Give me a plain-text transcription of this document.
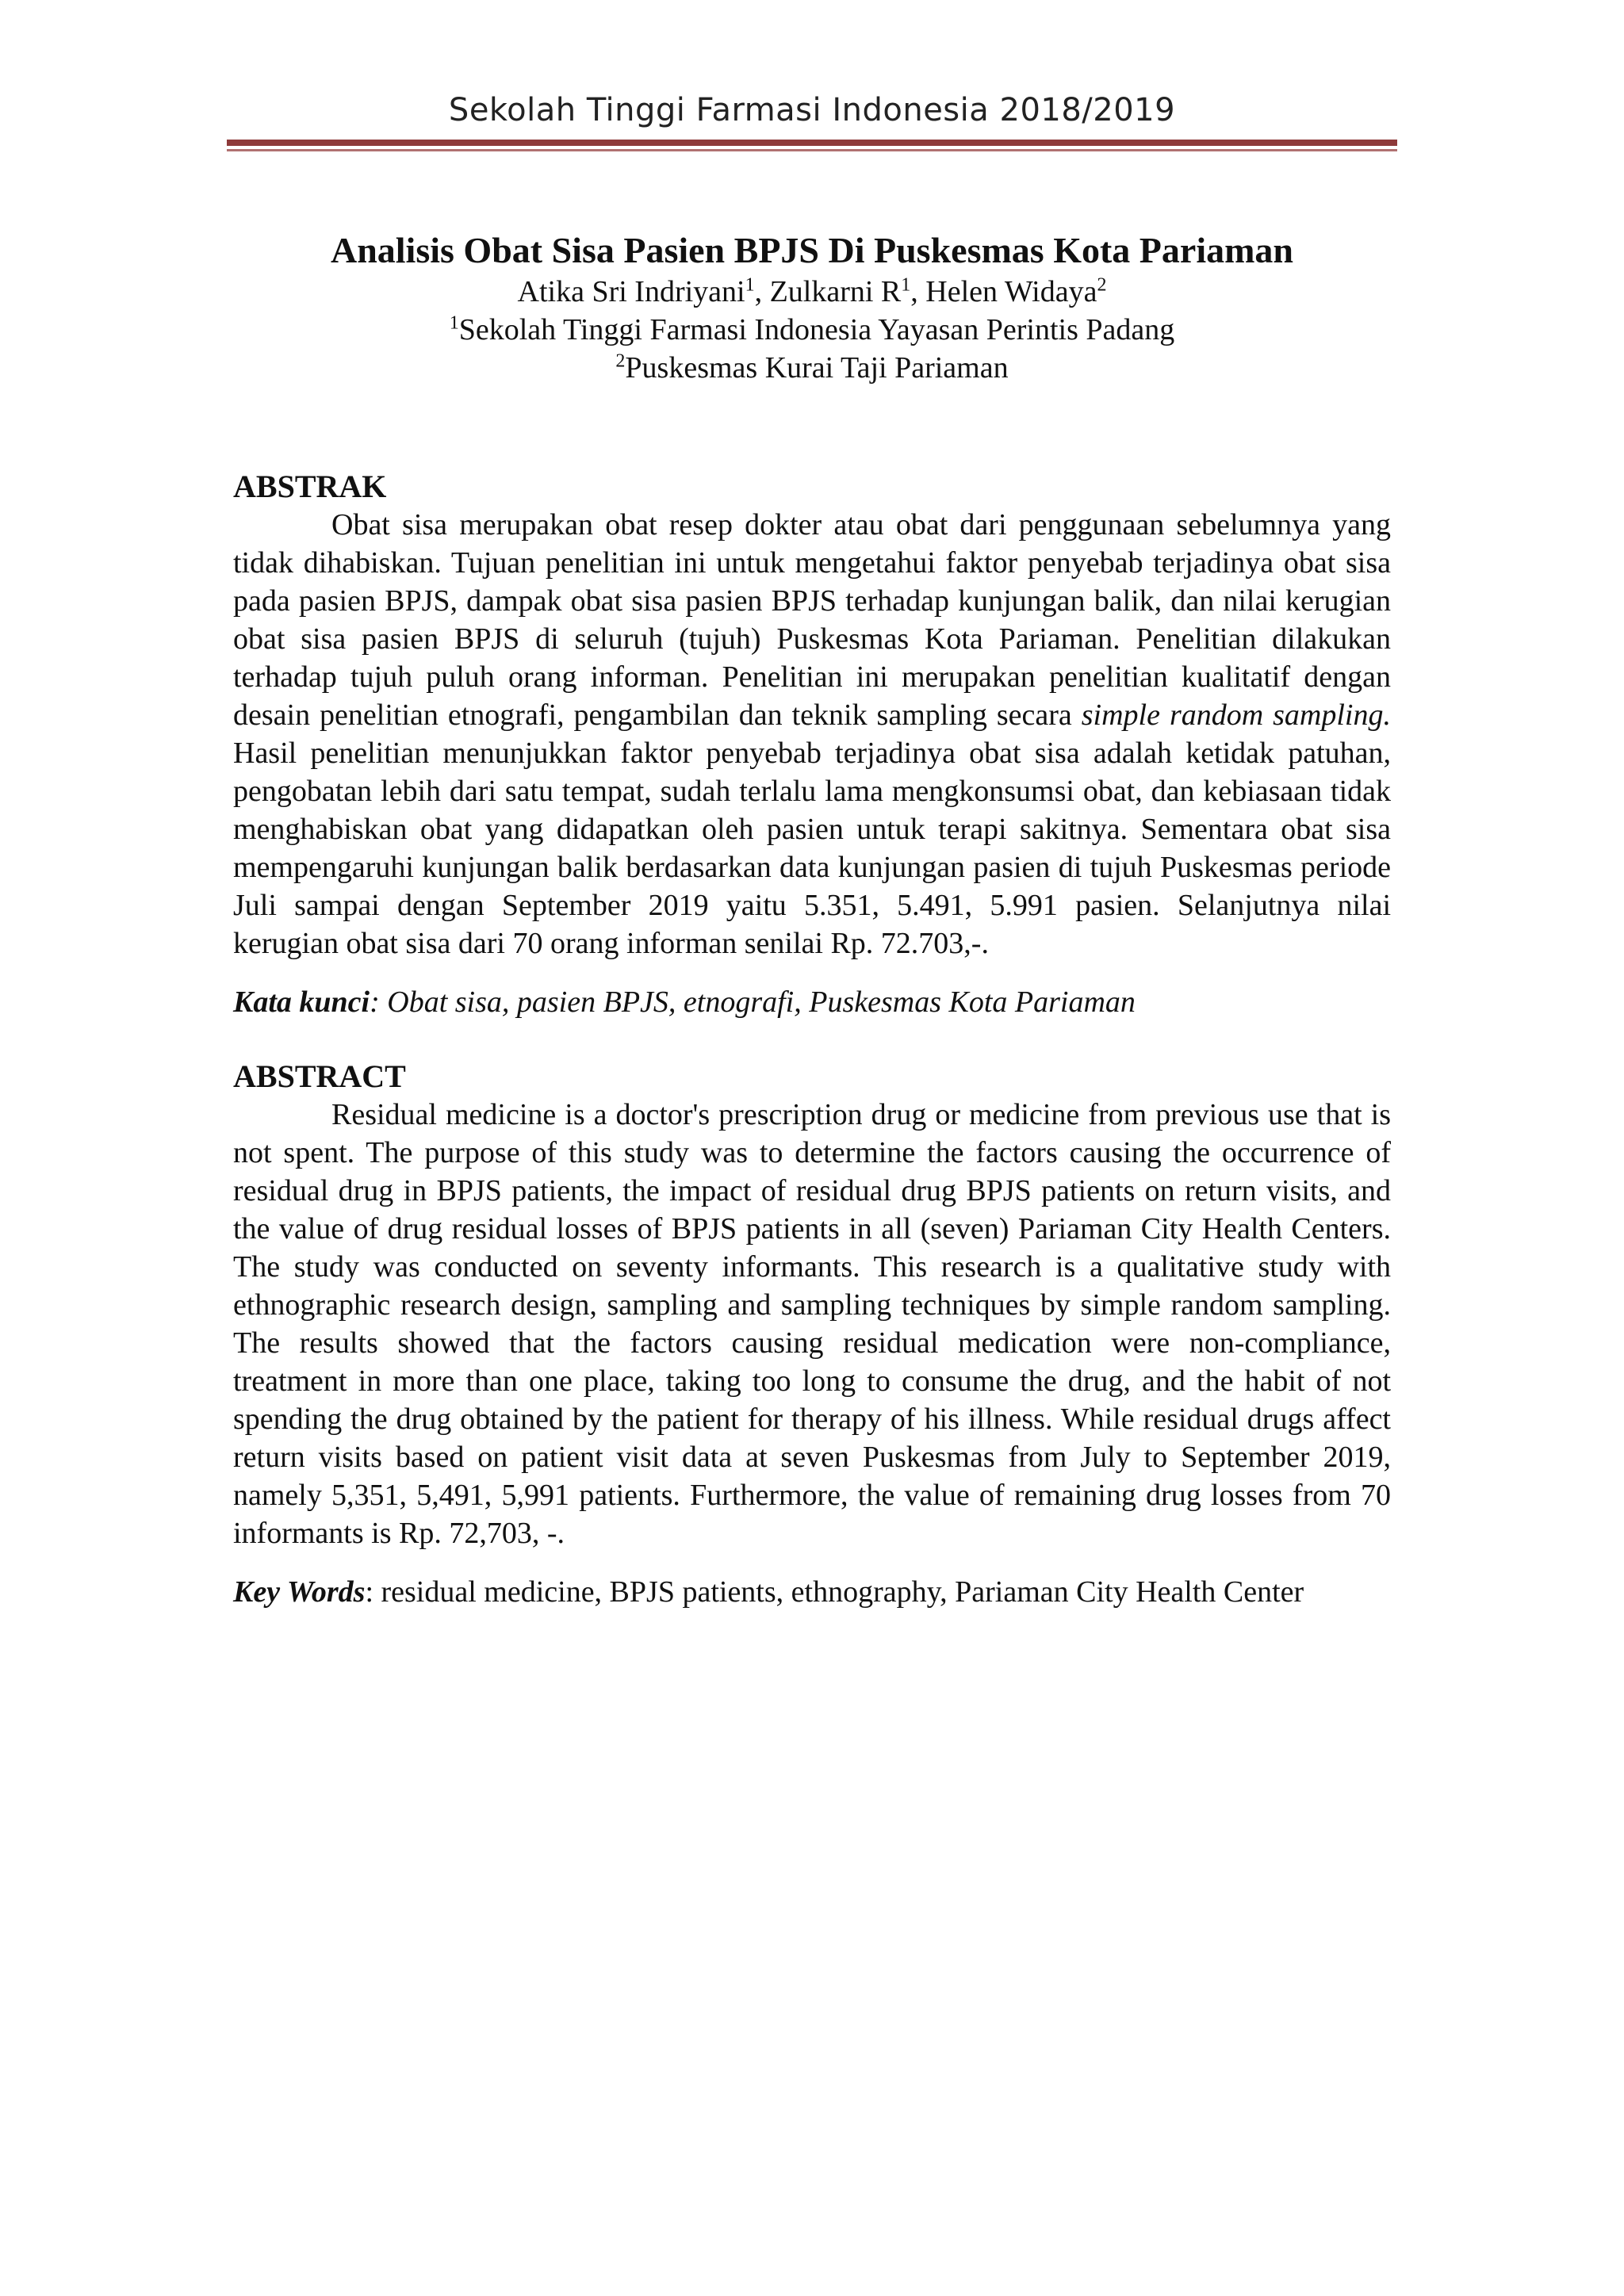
Sekolah Tinggi Farmasi Indonesia 2018/2019

Analisis Obat Sisa Pasien BPJS Di Puskesmas Kota Pariaman

Atika Sri Indriyani$^1$, Zulkarni $R^1$, Helen Widaya$^2$

$^1$Sekolah Tinggi Farmasi Indonesia Yayasan Perintis Padang

$^2$Puskesmas Kurai Taji Pariaman

ABSTRAK

Obat sisa merupakan obat resep dokter atau obat dari penggunaan sebelumnya yang tidak dihabiskan. Tujuan penelitian ini untuk mengetahui faktor penyebab terjadinya obat sisa pada pasien BPJS, dampak obat sisa pasien BPJS terhadap kunjungan balik, dan nilai kerugian obat sisa pasien BPJS di seluruh (tujuh) Puskesmas Kota Pariaman. Penelitian dilakukan terhadap tujuh puluh orang informan. Penelitian ini merupakan penelitian kualitatif dengan desain penelitian etnografi, pengambilan dan teknik sampling secara simple random sampling. Hasil penelitian menunjukkan faktor penyebab terjadinya obat sisa adalah ketidak patuhan, pengobatan lebih dari satu tempat, sudah terlalu lama mengkonsumsi obat, dan kebiasaan tidak menghabiskan obat yang didapatkan oleh pasien untuk terapi sakitnya. Sementara obat sisa mempengaruhi kunjungan balik berdasarkan data kunjungan pasien di tujuh Puskesmas periode Juli sampai dengan September 2019 yaitu 5.351, 5.491, 5.991 pasien. Selanjutnya nilai kerugian obat sisa dari 70 orang informan senilai Rp. 72.703,-.

Kata kunci: Obat sisa, pasien BPJS, etnografi, Puskesmas Kota Pariaman

ABSTRACT

Residual medicine is a doctor's prescription drug or medicine from previous use that is not spent. The purpose of this study was to determine the factors causing the occurrence of residual drug in BPJS patients, the impact of residual drug BPJS patients on return visits, and the value of drug residual losses of BPJS patients in all (seven) Pariaman City Health Centers. The study was conducted on seventy informants. This research is a qualitative study with ethnographic research design, sampling and sampling techniques by simple random sampling. The results showed that the factors causing residual medication were non-compliance, treatment in more than one place, taking too long to consume the drug, and the habit of not spending the drug obtained by the patient for therapy of his illness. While residual drugs affect return visits based on patient visit data at seven Puskesmas from July to September 2019, namely 5,351, 5,491, 5,991 patients. Furthermore, the value of remaining drug losses from 70 informants is Rp. 72,703, -.

Key Words : residual medicine, BPJS patients, ethnography, Pariaman City Health Center
